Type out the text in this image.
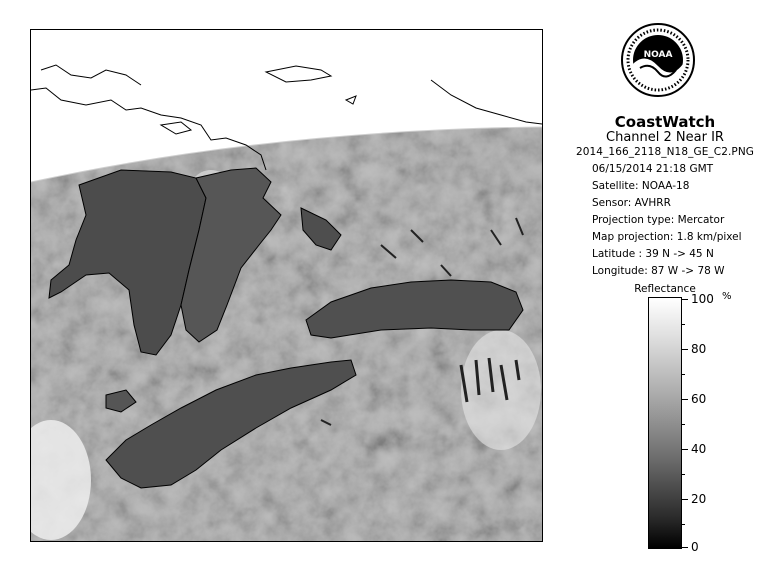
NOAA
CoastWatch
Channel 2 Near IR
2014_166_2118_N18_GE_C2.PNG
06/15/2014 21:18 GMT
Satellite: NOAA-18
Sensor: AVHRR
Projection type: Mercator
Map projection: 1.8 km/pixel
Latitude : 39 N -> 45 N
Longitude: 87 W -> 78 W
Reflectance
%
100
80
60
40
20
0
